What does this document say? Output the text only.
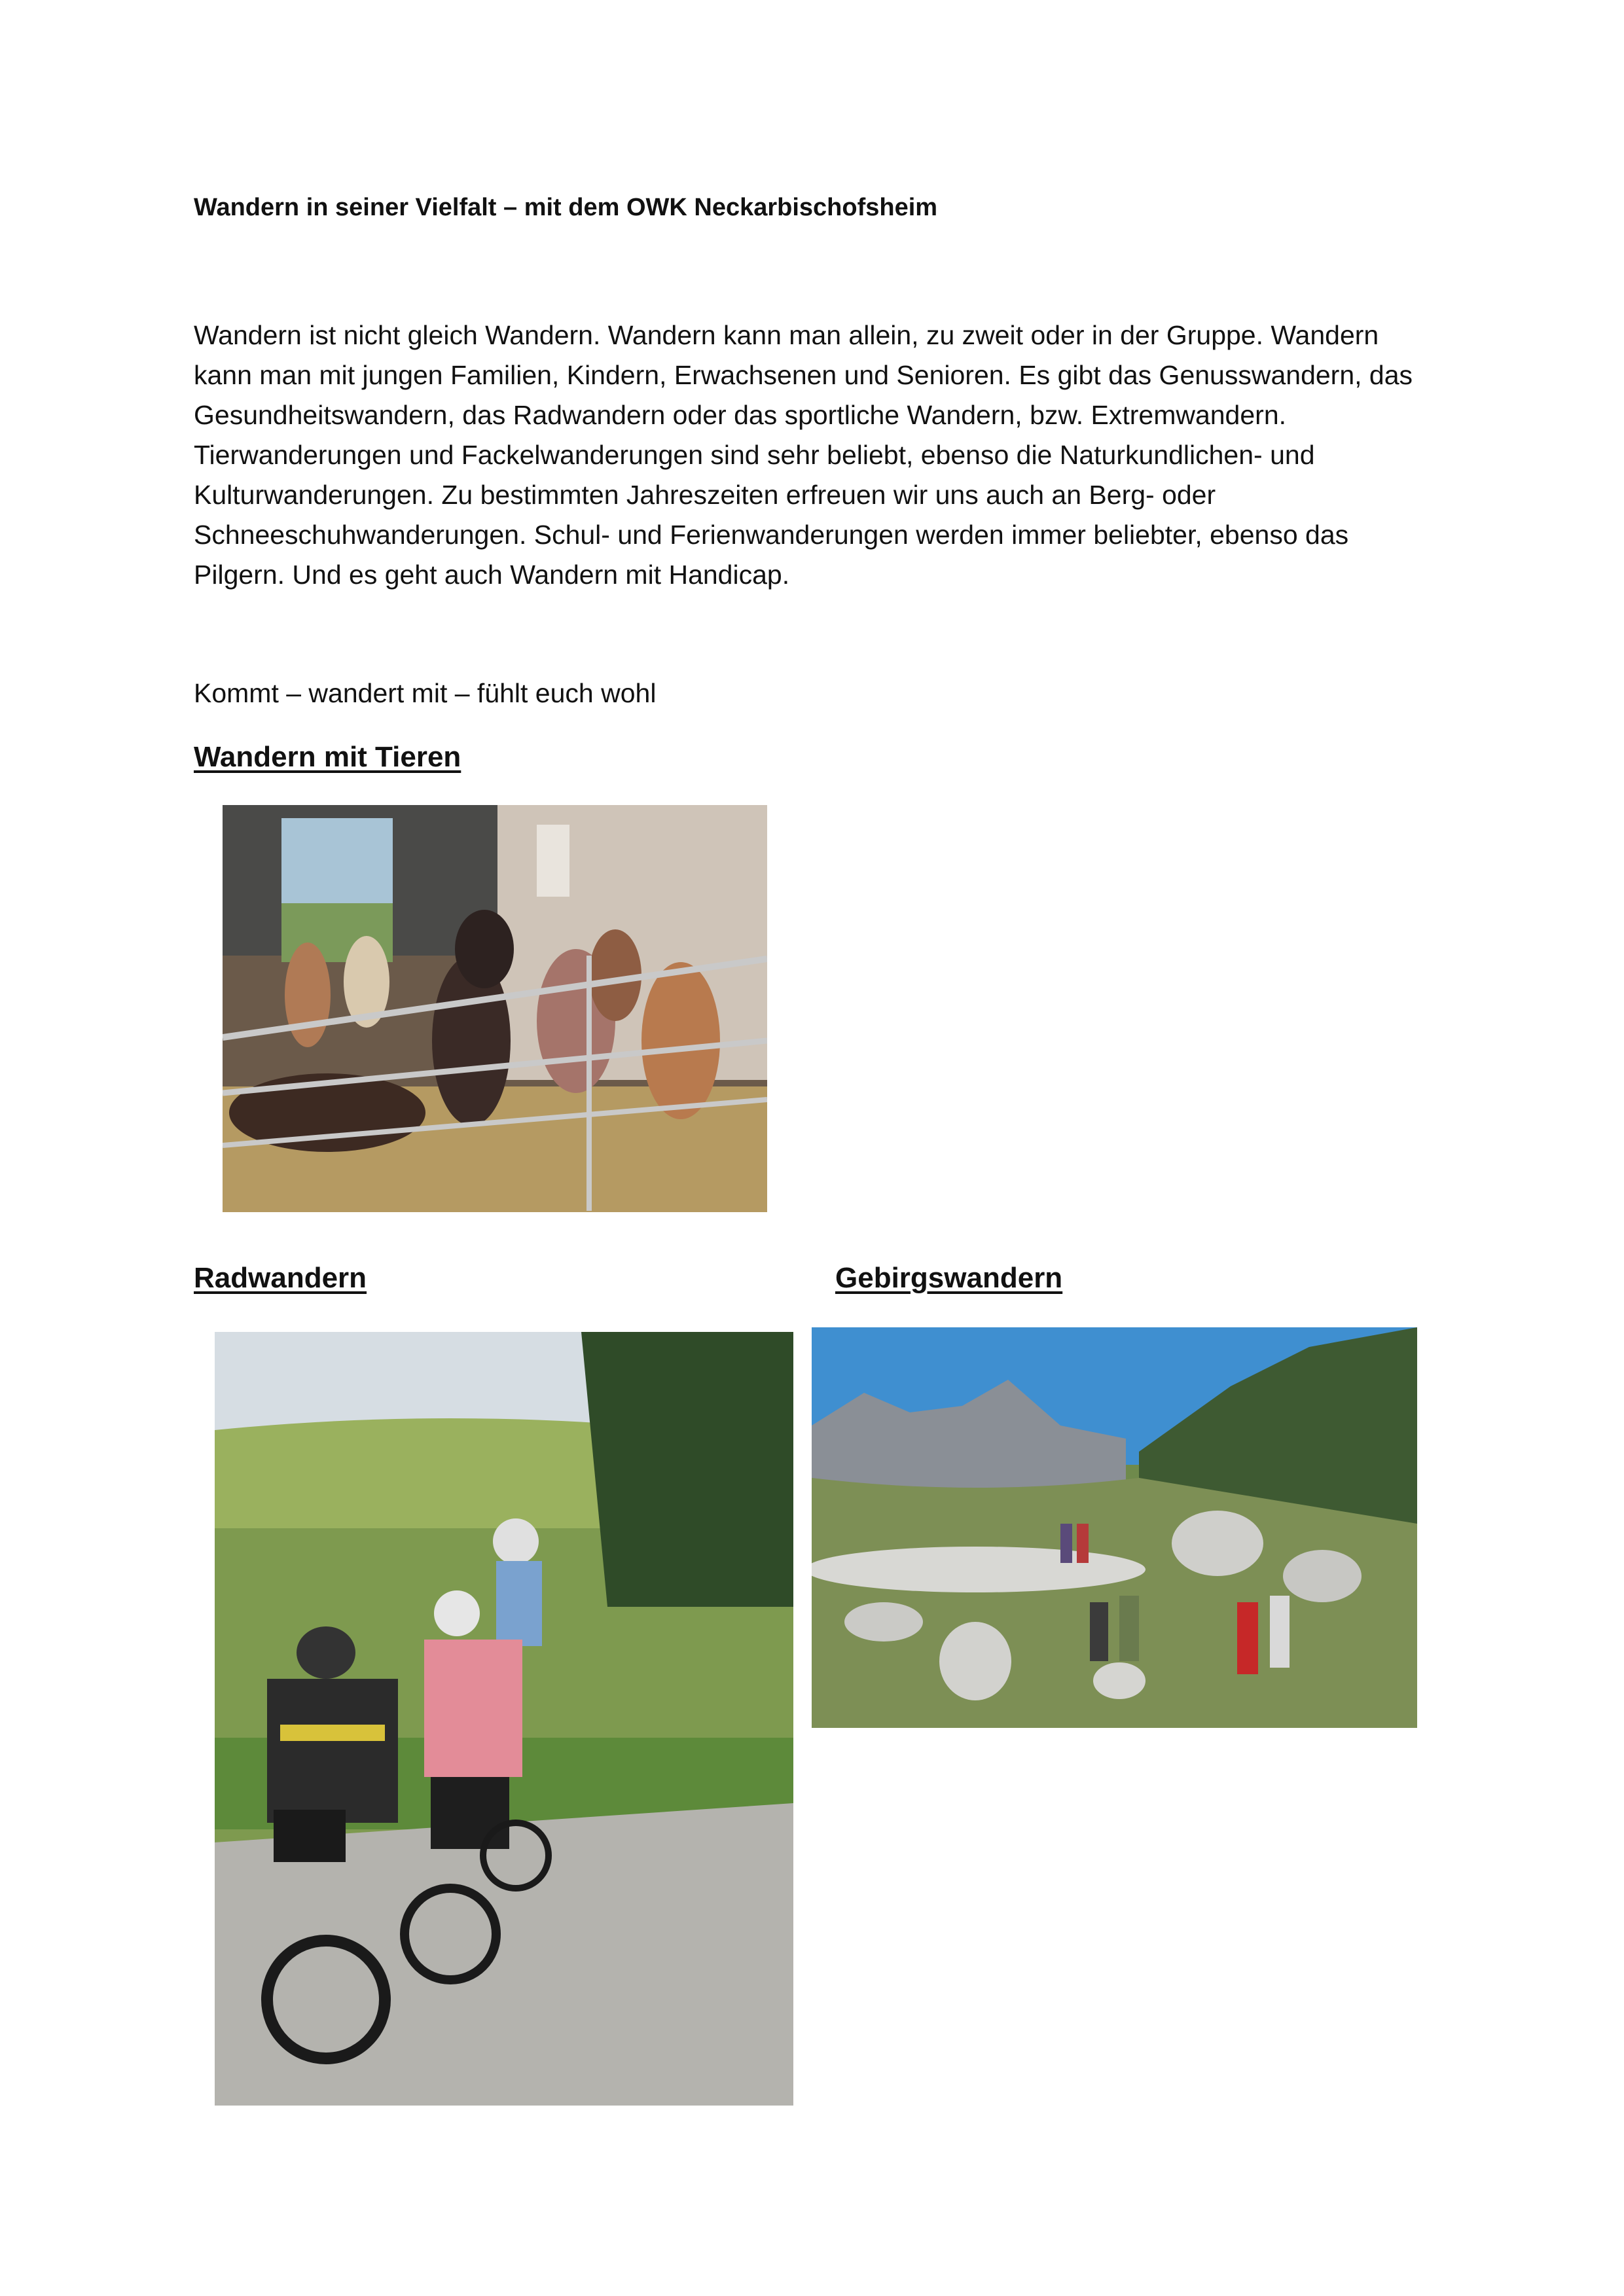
Wandern in seiner Vielfalt – mit dem OWK Neckarbischofsheim

Wandern ist nicht gleich Wandern. Wandern kann man allein, zu zweit oder in der Gruppe. Wandern

kann man mit jungen Familien, Kindern, Erwachsenen und Senioren. Es gibt das Genusswandern, das

Gesundheitswandern, das Radwandern oder das sportliche Wandern, bzw. Extremwandern.

Tierwanderungen und Fackelwanderungen sind sehr beliebt, ebenso die Naturkundlichen- und

Kulturwanderungen. Zu bestimmten Jahreszeiten erfreuen wir uns auch an Berg- oder

Schneeschuhwanderungen. Schul- und Ferienwanderungen werden immer beliebter, ebenso das

Pilgern. Und es geht auch Wandern mit Handicap.

Kommt – wandert mit – fühlt euch wohl
Wandern mit Tieren
Radwandern	Gebirgswandern
